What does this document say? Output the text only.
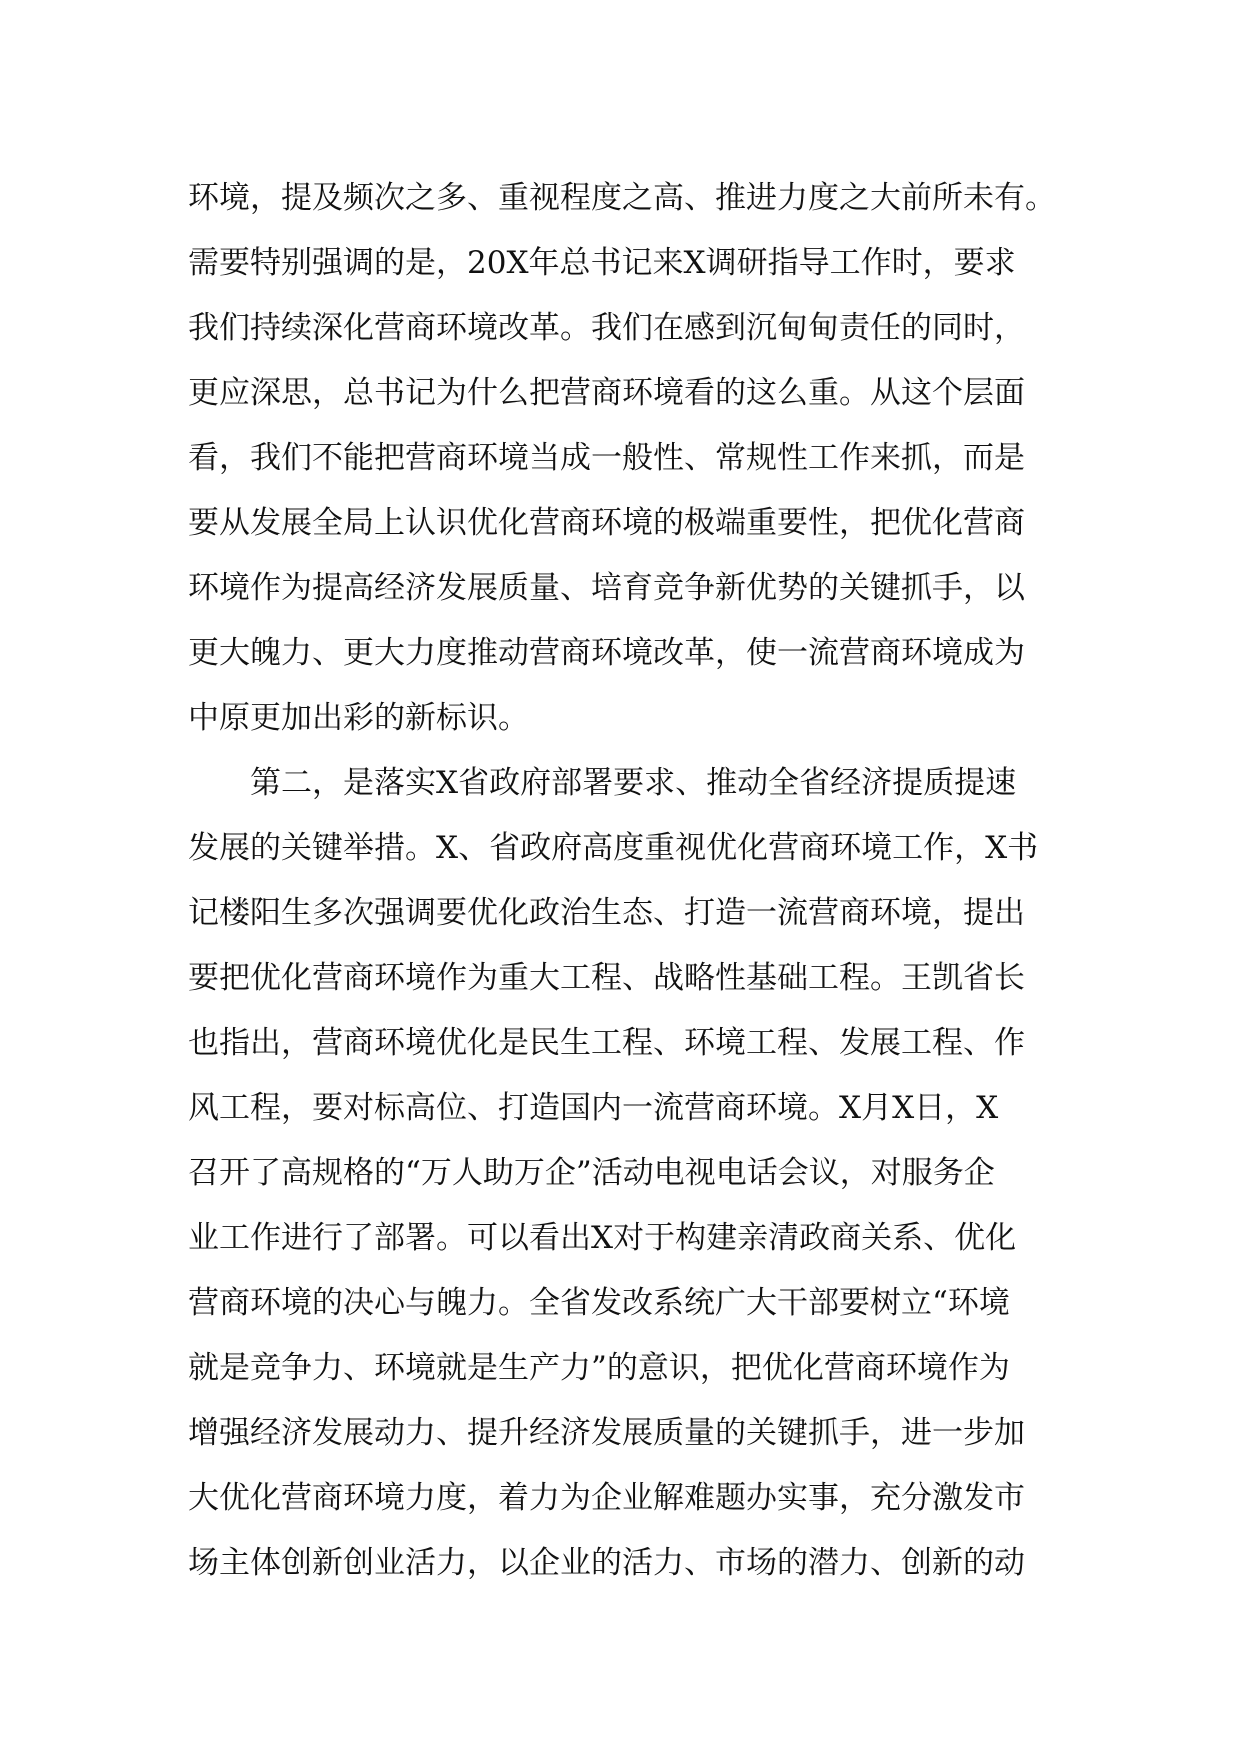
环境，提及频次之多、重视程度之高、推进力度之大前所未有。
需要特别强调的是，20X年总书记来X调研指导工作时，要求
我们持续深化营商环境改革。我们在感到沉甸甸责任的同时，
更应深思，总书记为什么把营商环境看的这么重。从这个层面
看，我们不能把营商环境当成一般性、常规性工作来抓，而是
要从发展全局上认识优化营商环境的极端重要性，把优化营商
环境作为提高经济发展质量、培育竞争新优势的关键抓手，以
更大魄力、更大力度推动营商环境改革，使一流营商环境成为
中原更加出彩的新标识。
第二，是落实X省政府部署要求、推动全省经济提质提速
发展的关键举措。X、省政府高度重视优化营商环境工作，X书
记楼阳生多次强调要优化政治生态、打造一流营商环境，提出
要把优化营商环境作为重大工程、战略性基础工程。王凯省长
也指出，营商环境优化是民生工程、环境工程、发展工程、作
风工程，要对标高位、打造国内一流营商环境。X月X日，X
召开了高规格的“万人助万企”活动电视电话会议，对服务企
业工作进行了部署。可以看出X对于构建亲清政商关系、优化
营商环境的决心与魄力。全省发改系统广大干部要树立“环境
就是竞争力、环境就是生产力”的意识，把优化营商环境作为
增强经济发展动力、提升经济发展质量的关键抓手，进一步加
大优化营商环境力度，着力为企业解难题办实事，充分激发市
场主体创新创业活力，以企业的活力、市场的潜力、创新的动
